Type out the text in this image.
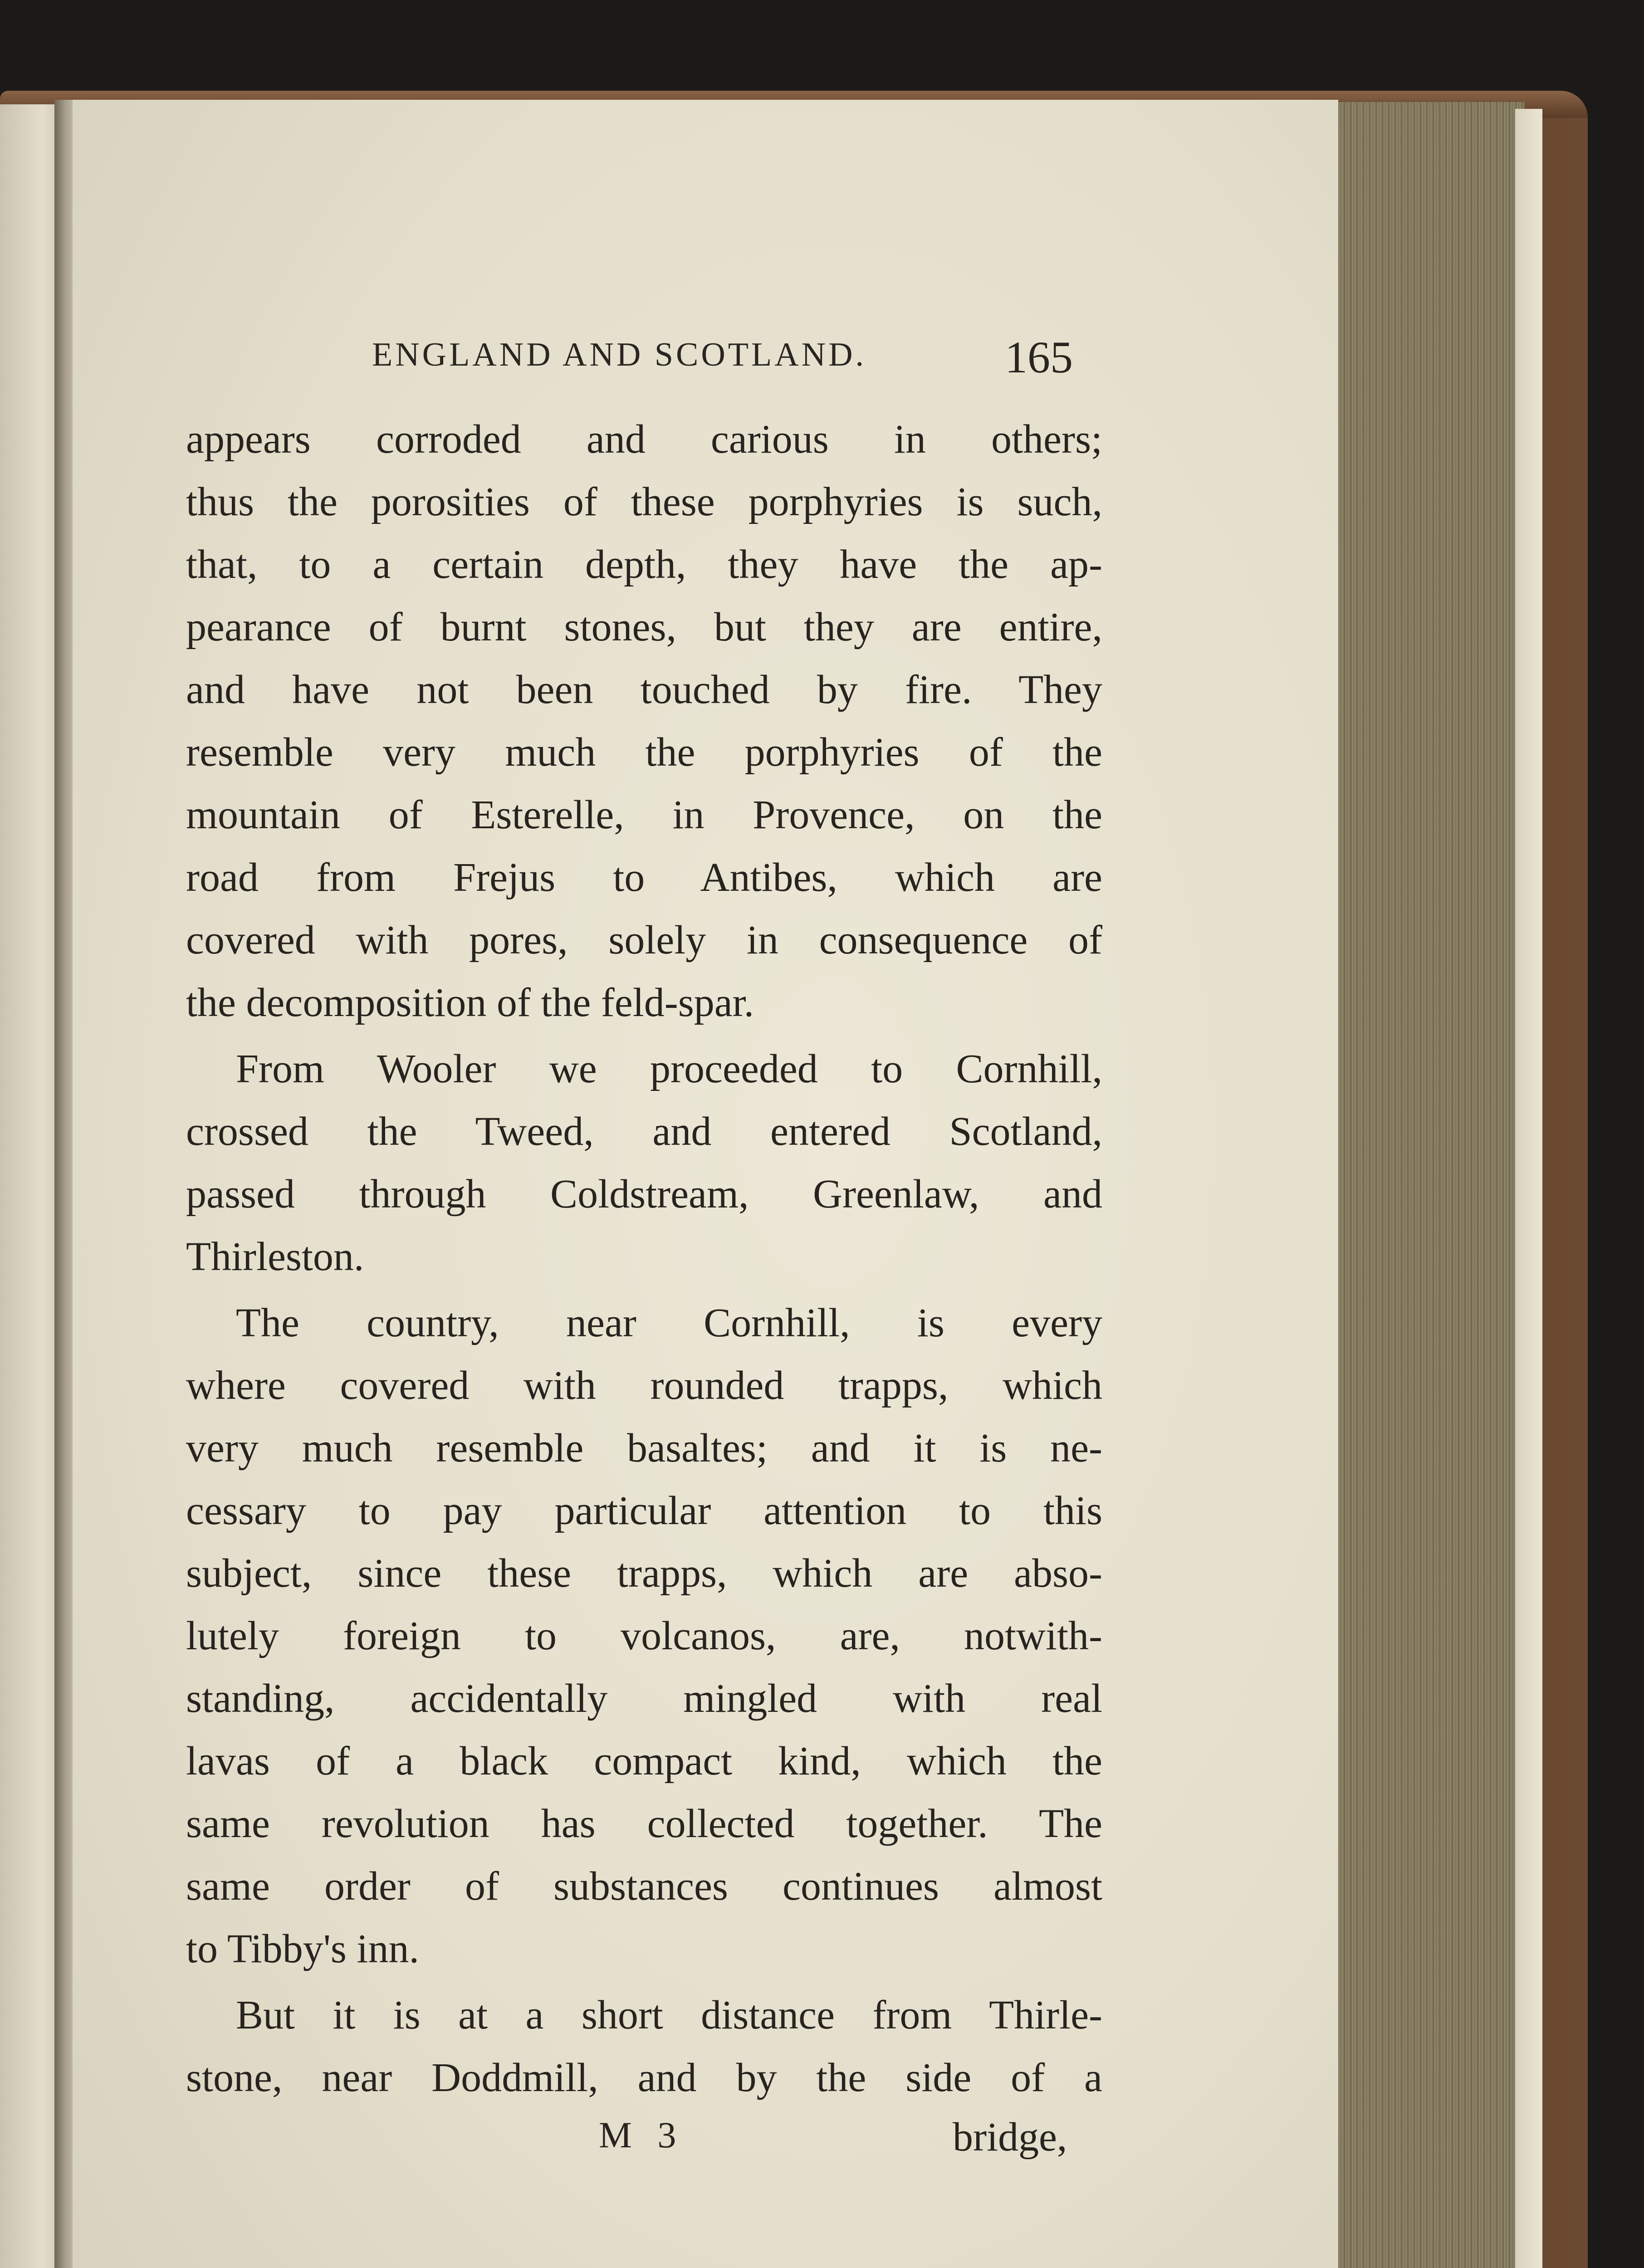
ENGLAND AND SCOTLAND.	165
appears corroded and carious in others;
thus the porosities of these porphyries is such,
that, to a certain depth, they have the ap-
pearance of burnt stones, but they are entire,
and have not been touched by fire. They
resemble very much the porphyries of the
mountain of Esterelle, in Provence, on the
road from Frejus to Antibes, which are
covered with pores, solely in consequence of
the decomposition of the feld-spar.
From Wooler we proceeded to Cornhill,
crossed the Tweed, and entered Scotland,
passed through Coldstream, Greenlaw, and
Thirleston.
The country, near Cornhill, is every
where covered with rounded trapps, which
very much resemble basaltes; and it is ne-
cessary to pay particular attention to this
subject, since these trapps, which are abso-
lutely foreign to volcanos, are, notwith-
standing, accidentally mingled with real
lavas of a black compact kind, which the
same revolution has collected together. The
same order of substances continues almost
to Tibby's inn.
But it is at a short distance from Thirle-
stone, near Doddmill, and by the side of a
M 3	bridge,
